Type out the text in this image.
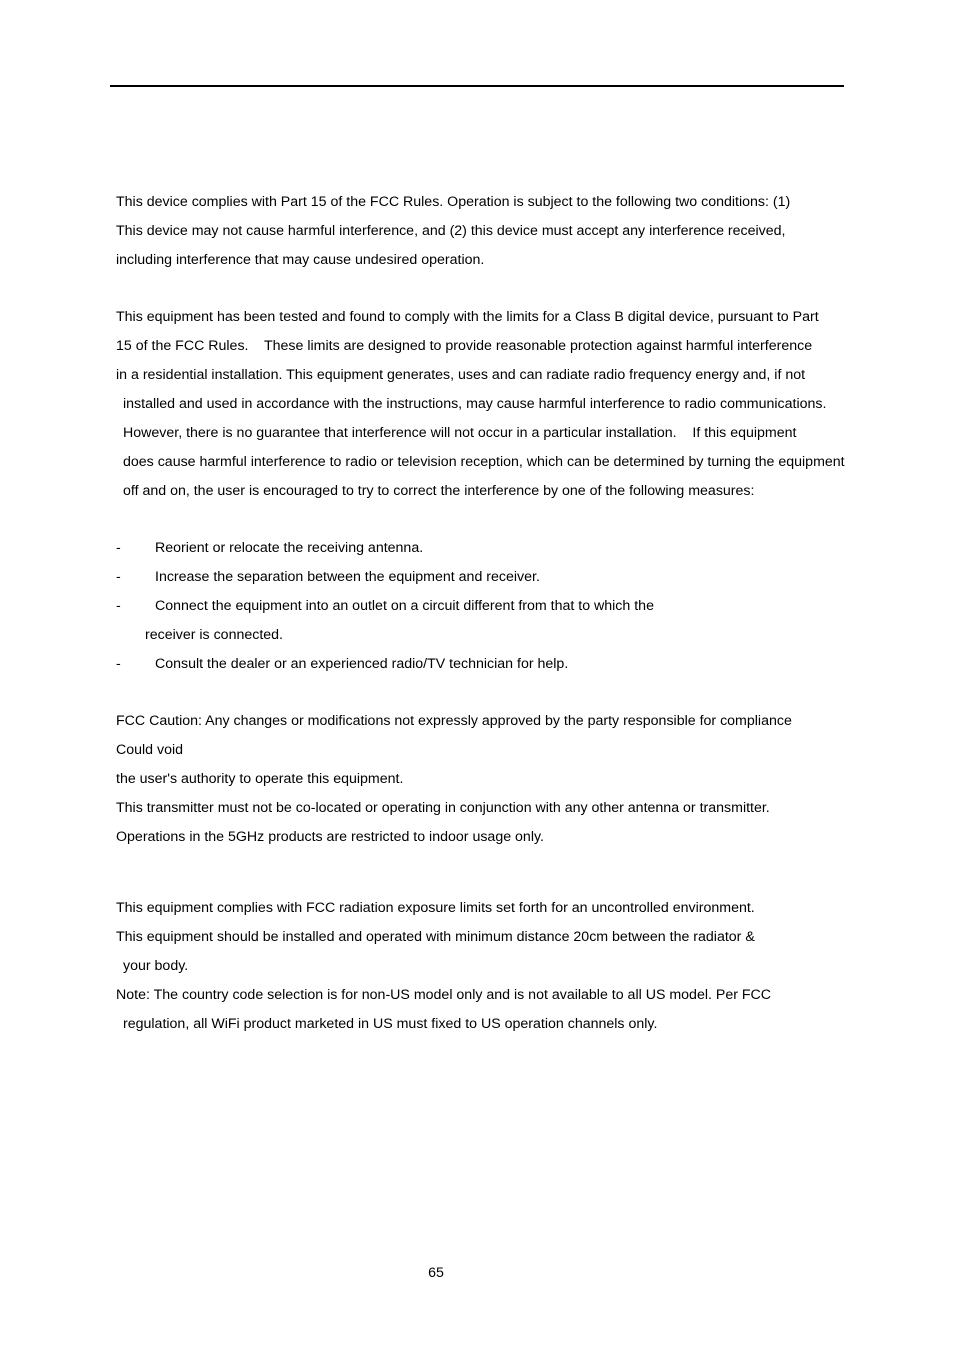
This device complies with Part 15 of the FCC Rules. Operation is subject to the following two conditions: (1)
This device may not cause harmful interference, and (2) this device must accept any interference received,
including interference that may cause undesired operation.
This equipment has been tested and found to comply with the limits for a Class B digital device, pursuant to Part
15 of the FCC Rules.    These limits are designed to provide reasonable protection against harmful interference
in a residential installation. This equipment generates, uses and can radiate radio frequency energy and, if not
installed and used in accordance with the instructions, may cause harmful interference to radio communications.
However, there is no guarantee that interference will not occur in a particular installation.    If this equipment
does cause harmful interference to radio or television reception, which can be determined by turning the equipment
off and on, the user is encouraged to try to correct the interference by one of the following measures:
- Reorient or relocate the receiving antenna.
- Increase the separation between the equipment and receiver.
- Connect the equipment into an outlet on a circuit different from that to which the
receiver is connected.
- Consult the dealer or an experienced radio/TV technician for help.
FCC Caution: Any changes or modifications not expressly approved by the party responsible for compliance
Could void
the user's authority to operate this equipment.
This transmitter must not be co-located or operating in conjunction with any other antenna or transmitter.
Operations in the 5GHz products are restricted to indoor usage only.
This equipment complies with FCC radiation exposure limits set forth for an uncontrolled environment.
This equipment should be installed and operated with minimum distance 20cm between the radiator &
your body.
Note: The country code selection is for non-US model only and is not available to all US model. Per FCC
regulation, all WiFi product marketed in US must fixed to US operation channels only.
65
